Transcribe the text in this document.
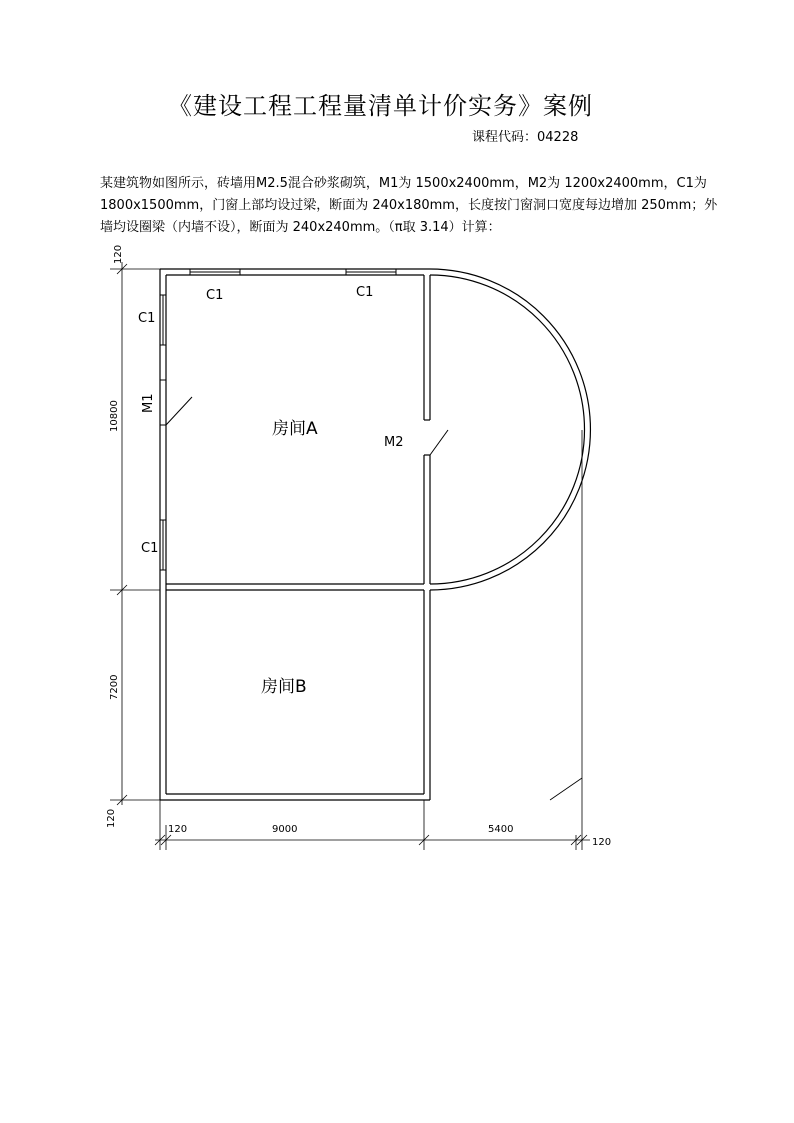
《建设工程工程量清单计价实务》案例
课程代码：04228
某建筑物如图所示，砖墙用M2.5混合砂浆砌筑，M1为 1500x2400mm，M2为 1200x2400mm，C1为
1800x1500mm，门窗上部均设过梁，断面为 240x180mm，长度按门窗洞口宽度每边增加 250mm；外
墙均设圈梁（内墙不设），断面为 240x240mm。（π取 3.14）计算：
C1	C1
C1
C1
M1
M2
房间A
房间B
120
10800
7200
120
120	9000	5400
120
